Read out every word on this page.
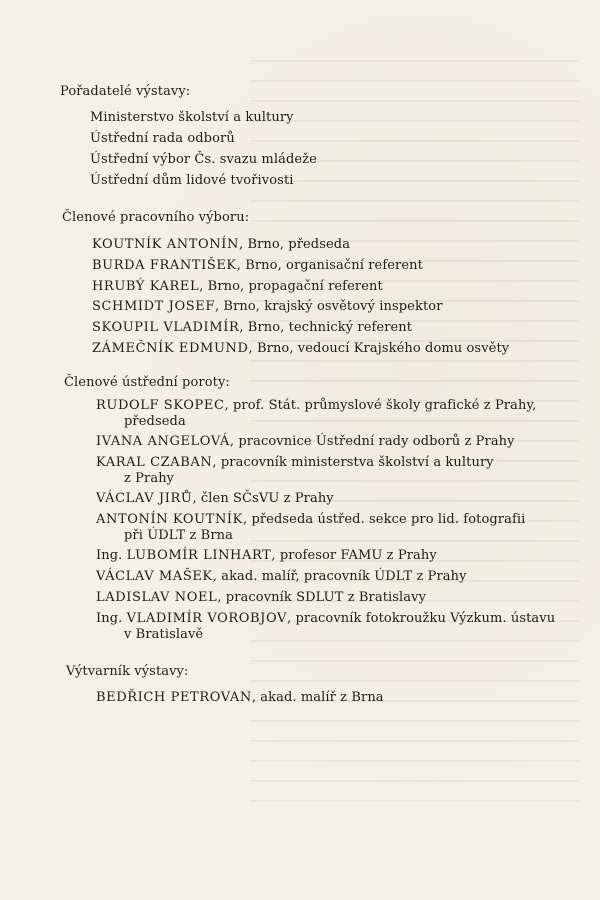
Pořadatelé výstavy:
Ministerstvo školství a kultury
Ústřední rada odborů
Ústřední výbor Čs. svazu mládeže
Ústřední dům lidové tvořivosti
Členové pracovního výboru:
KOUTNÍK ANTONÍN, Brno, předseda
BURDA FRANTIŠEK, Brno, organisační referent
HRUBÝ KAREL, Brno, propagační referent
SCHMIDT JOSEF, Brno, krajský osvětový inspektor
SKOUPIL VLADIMÍR, Brno, technický referent
ZÁMEČNÍK EDMUND, Brno, vedoucí Krajského domu osvěty
Členové ústřední poroty:
RUDOLF SKOPEC, prof. Stát. průmyslové školy grafické z Prahy,
předseda
IVANA ANGELOVÁ, pracovnice Ústřední rady odborů z Prahy
KARAL CZABAN, pracovník ministerstva školství a kultury
z Prahy
VÁCLAV JIRŮ, člen SČsVU z Prahy
ANTONÍN KOUTNÍK, předseda ústřed. sekce pro lid. fotografii
při ÚDLT z Brna
Ing. LUBOMÍR LINHART, profesor FAMU z Prahy
VÁCLAV MAŠEK, akad. malíř, pracovník ÚDLT z Prahy
LADISLAV NOEL, pracovník SDLUT z Bratislavy
Ing. VLADIMÍR VOROBJOV, pracovník fotokroužku Výzkum. ústavu
v Bratislavě
Výtvarník výstavy:
BEDŘICH PETROVAN, akad. malíř z Brna
